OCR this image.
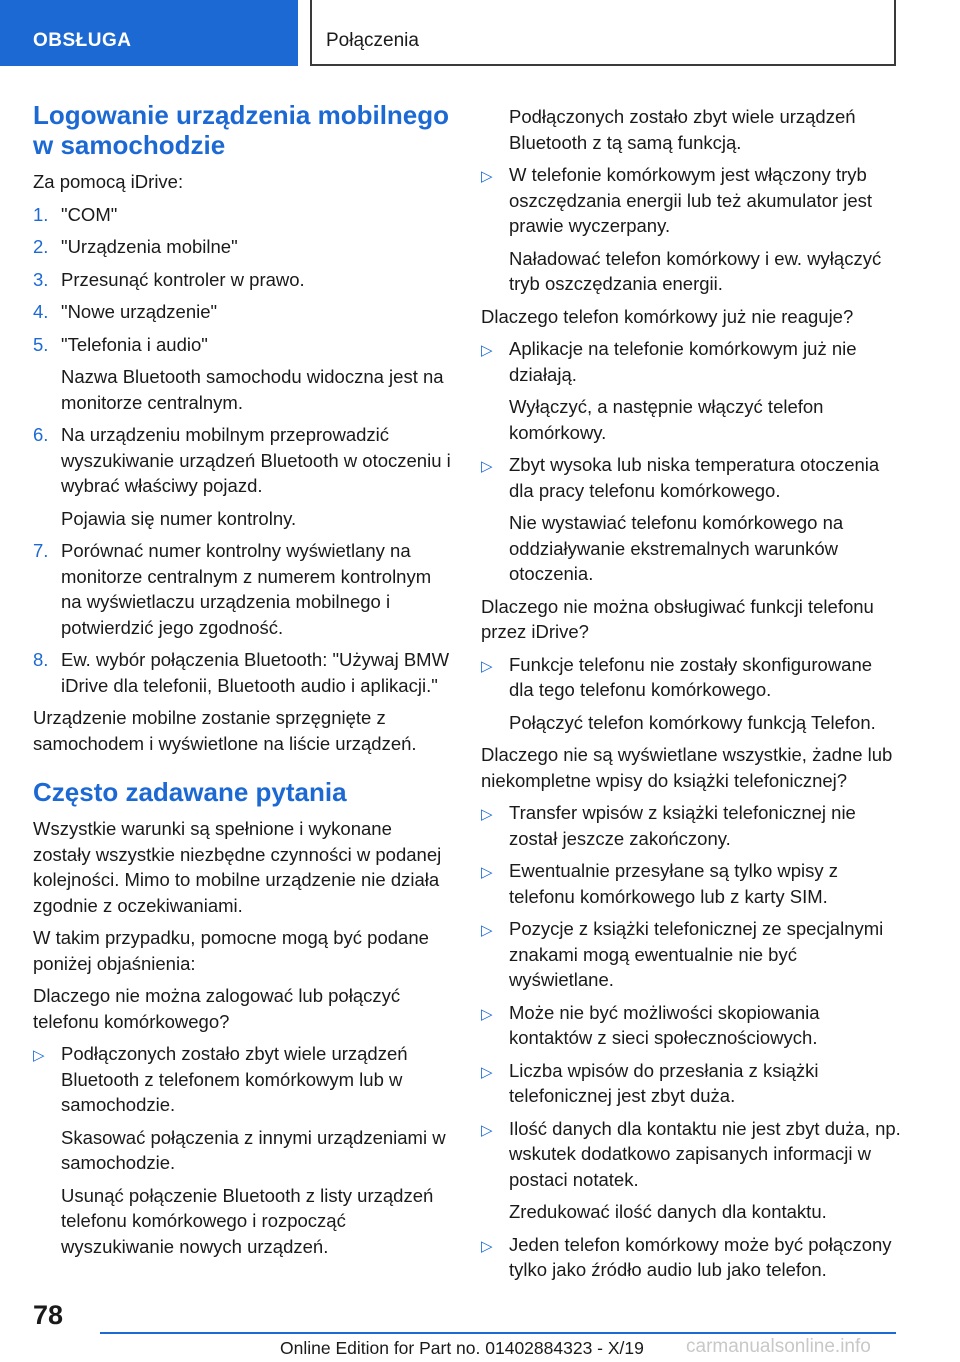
OBSŁUGA	Połączenia
Logowanie urządzenia mobilnego w samochodzie

Za pomocą iDrive:

1. "COM"
2. "Urządzenia mobilne"
3. Przesunąć kontroler w prawo.
4. "Nowe urządzenie"
5. "Telefonia i audio"

Nazwa Bluetooth samochodu widoczna jest na monitorze centralnym.

6. Na urządzeniu mobilnym przeprowadzić wyszukiwanie urządzeń Bluetooth w otoczeniu i wybrać właściwy pojazd.

Pojawia się numer kontrolny.

7. Porównać numer kontrolny wyświetlany na monitorze centralnym z numerem kontrolnym na wyświetlaczu urządzenia mobilnego i potwierdzić jego zgodność.
8. Ew. wybór połączenia Bluetooth: "Używaj BMW iDrive dla telefonii, Bluetooth audio i aplikacji."

Urządzenie mobilne zostanie sprzęgnięte z samochodem i wyświetlone na liście urządzeń.

Często zadawane pytania

Wszystkie warunki są spełnione i wykonane zostały wszystkie niezbędne czynności w podanej kolejności. Mimo to mobilne urządzenie nie działa zgodnie z oczekiwaniami.

W takim przypadku, pomocne mogą być podane poniżej objaśnienia:

Dlaczego nie można zalogować lub połączyć telefonu komórkowego?

▷ Podłączonych zostało zbyt wiele urządzeń Bluetooth z telefonem komórkowym lub w samochodzie.

Skasować połączenia z innymi urządzeniami w samochodzie.

Usunąć połączenie Bluetooth z listy urządzeń telefonu komórkowego i rozpocząć wyszukiwanie nowych urządzeń.

Podłączonych zostało zbyt wiele urządzeń Bluetooth z tą samą funkcją.

▷ W telefonie komórkowym jest włączony tryb oszczędzania energii lub też akumulator jest prawie wyczerpany.

Naładować telefon komórkowy i ew. wyłączyć tryb oszczędzania energii.

Dlaczego telefon komórkowy już nie reaguje?

▷ Aplikacje na telefonie komórkowym już nie działają.

Wyłączyć, a następnie włączyć telefon komórkowy.

▷ Zbyt wysoka lub niska temperatura otoczenia dla pracy telefonu komórkowego.

Nie wystawiać telefonu komórkowego na oddziaływanie ekstremalnych warunków otoczenia.

Dlaczego nie można obsługiwać funkcji telefonu przez iDrive?

▷ Funkcje telefonu nie zostały skonfigurowane dla tego telefonu komórkowego.

Połączyć telefon komórkowy funkcją Telefon.

Dlaczego nie są wyświetlane wszystkie, żadne lub niekompletne wpisy do książki telefonicznej?

▷ Transfer wpisów z książki telefonicznej nie został jeszcze zakończony.
▷ Ewentualnie przesyłane są tylko wpisy z telefonu komórkowego lub z karty SIM.
▷ Pozycje z książki telefonicznej ze specjalnymi znakami mogą ewentualnie nie być wyświetlane.
▷ Może nie być możliwości skopiowania kontaktów z sieci społecznościowych.
▷ Liczba wpisów do przesłania z książki telefonicznej jest zbyt duża.
▷ Ilość danych dla kontaktu nie jest zbyt duża, np. wskutek dodatkowo zapisanych informacji w postaci notatek.

Zredukować ilość danych dla kontaktu.

▷ Jeden telefon komórkowy może być połączony tylko jako źródło audio lub jako telefon.
78
Online Edition for Part no. 01402884323 - X/19 carmanualsonline.info
